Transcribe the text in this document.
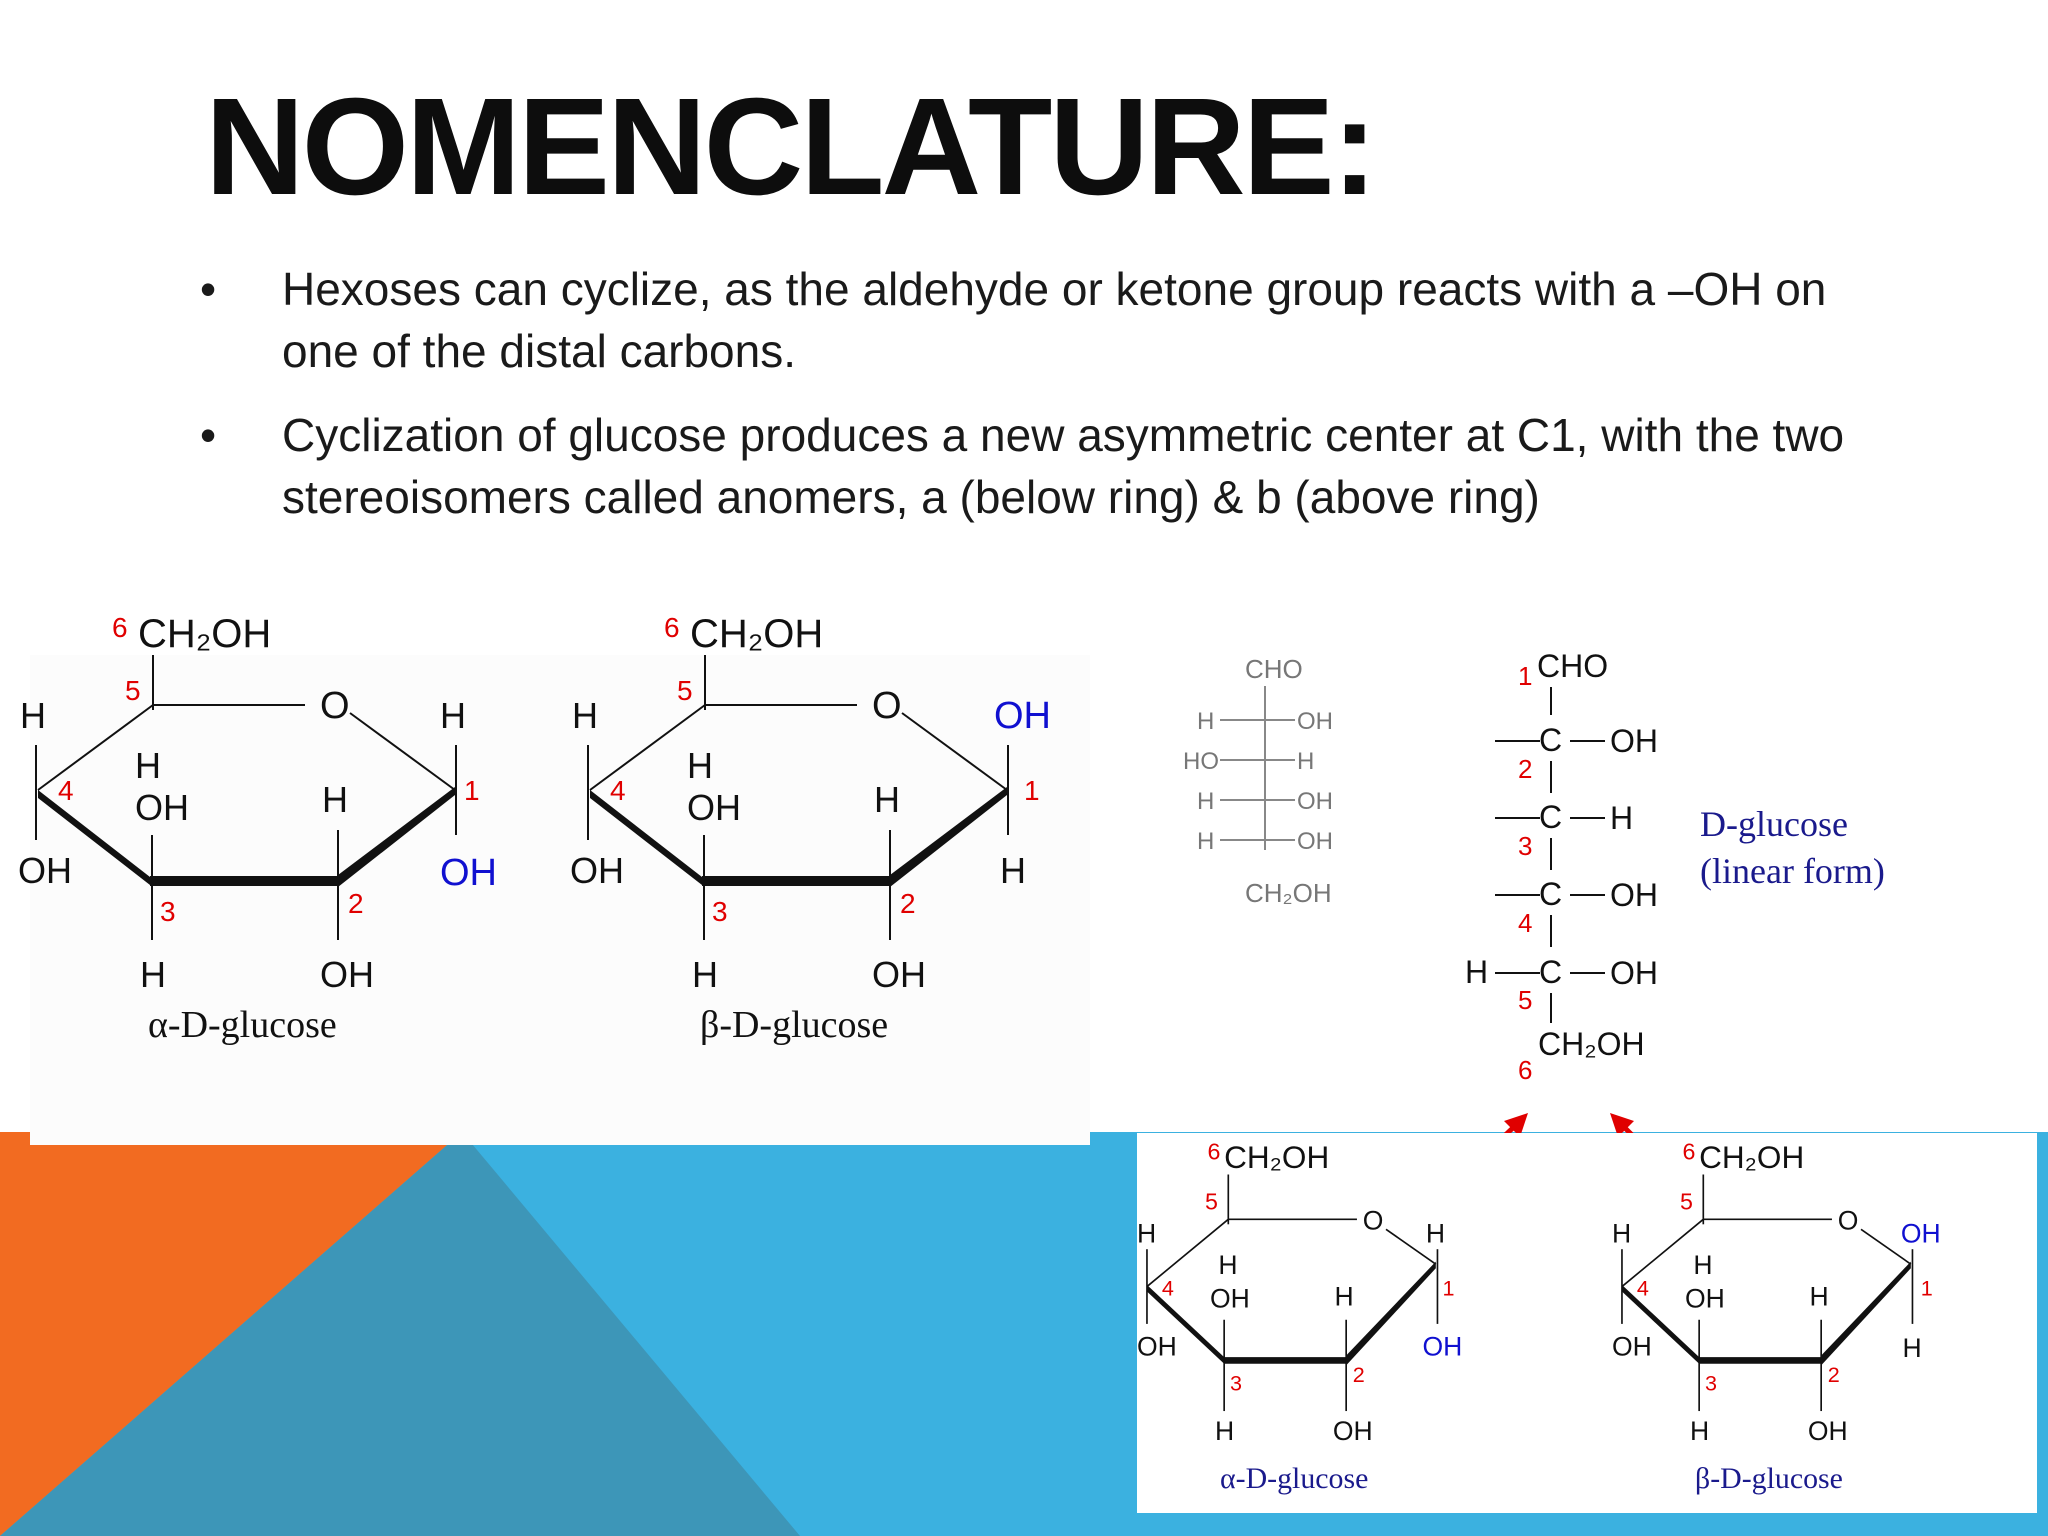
NOMENCLATURE:
•	Hexoses can cyclize, as the aldehyde or ketone group reacts with a –OH on one of the distal carbons.
•	Cyclization of glucose produces a new asymmetric center at C1, with the two stereoisomers called anomers, a (below ring) & b (above ring)
6 CH₂OH
5	O
H
OH
4
H
OH
H
3
H
OH
2
H
OH
1
α-D-glucose
6 CH₂OH
5	O
H
OH
4
H
OH
H
3
H
OH
2
OH
H
1
β-D-glucose
CHO
H	OH
HO	H
H	OH
H	OH
CH₂OH
1 CHO
C OH
2
C H
3
C OH
4
H C OH
5
CH₂OH
6
D-glucose
(linear form)
6 CH₂OH
5
O
H
OH
4
H
OH
H
3
H
OH
2
H
OH
1
α-D-glucose
6 CH₂OH
5
O
H
OH
4
H
OH
H
3
H
OH
2
OH
H
1
β-D-glucose
